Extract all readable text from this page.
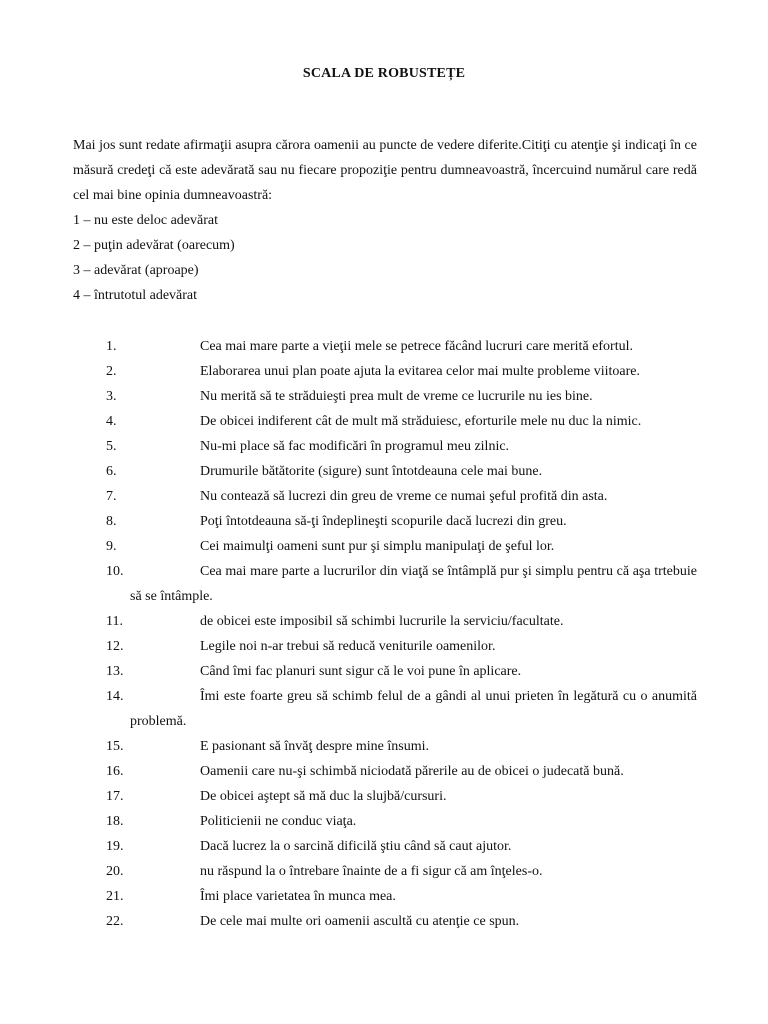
SCALA DE ROBUSTEȚE

Mai jos sunt redate afirmaţii asupra cărora oamenii au puncte de vedere diferite.Citiţi cu atenţie şi indicaţi în ce măsură credeţi că este adevărată sau nu fiecare propoziţie pentru dumneavoastră, încercuind numărul care redă cel mai bine opinia dumneavoastră:

1 – nu este deloc adevărat
2 – puţin adevărat (oarecum)
3 – adevărat (aproape)
4 – întrutotul adevărat
1.	Cea mai mare parte a vieţii mele se petrece făcând lucruri care merită efortul.
2.	Elaborarea unui plan poate ajuta la evitarea celor mai multe probleme viitoare.
3.	Nu merită să te străduieşti prea mult de vreme ce lucrurile nu ies bine.
4.	De obicei indiferent cât de mult mă străduiesc, eforturile mele nu duc la nimic.
5.	Nu-mi place să fac modificări în programul meu zilnic.
6.	Drumurile bătătorite (sigure) sunt întotdeauna cele mai bune.
7.	Nu contează să lucrezi din greu de vreme ce numai şeful profită din asta.
8.	Poţi întotdeauna să-ţi îndeplineşti scopurile dacă lucrezi din greu.
9.	Cei maimulţi oameni sunt pur şi simplu manipulaţi de şeful lor.
10.	Cea mai mare parte a lucrurilor din viaţă se întâmplă pur şi simplu pentru că aşa trtebuie să se întâmple.
11.	de obicei este imposibil să schimbi lucrurile la serviciu/facultate.
12.	Legile noi n-ar trebui să reducă veniturile oamenilor.
13.	Când îmi fac planuri sunt sigur că le voi pune în aplicare.
14.	Îmi este foarte greu să schimb felul de a gândi al unui prieten în legătură cu o anumită problemă.
15.	E pasionant să învăţ despre mine însumi.
16.	Oamenii care nu-şi schimbă niciodată părerile au de obicei o judecată bună.
17.	De obicei aştept să mă duc la slujbă/cursuri.
18.	Politicienii ne conduc viaţa.
19.	Dacă lucrez la o sarcină dificilă ştiu când să caut ajutor.
20.	nu răspund la o întrebare înainte de a fi sigur că am înţeles-o.
21.	Îmi place varietatea în munca mea.
22.	De cele mai multe ori oamenii ascultă cu atenţie ce spun.
